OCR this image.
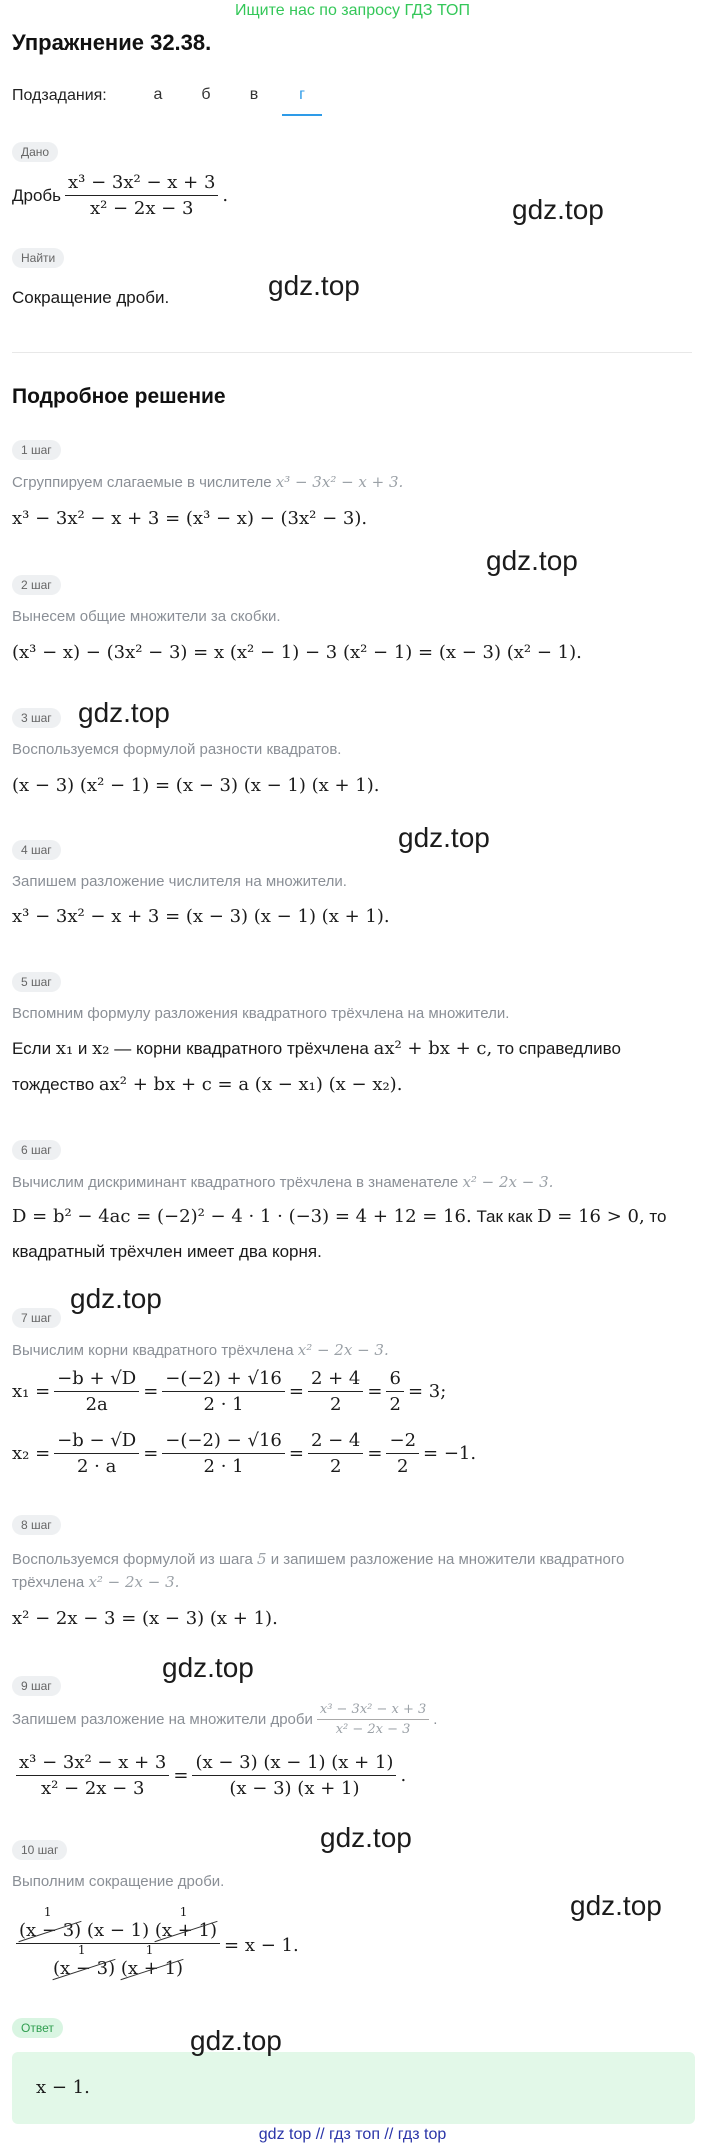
Ищите нас по запросу ГДЗ ТОП
Упражнение 32.38.
Подзадания:	а	б	в	г
Дано
Дробь $\frac{\text{x³ − 3x² − x + 3}}{\text{x² − 2x − 3}}$ .
Найти
Сокращение дроби.
Подробное решение
1 шаг
Сгруппируем слагаемые в числителе x³ − 3x² − x + 3.
x³ − 3x² − x + 3 = (x³ − x) − (3x² − 3).
2 шаг
Вынесем общие множители за скобки.
(x³ − x) − (3x² − 3) = x (x² − 1) − 3 (x² − 1) = (x − 3) (x² − 1).
3 шаг
Воспользуемся формулой разности квадратов.
(x − 3) (x² − 1) = (x − 3) (x − 1) (x + 1).
4 шаг
Запишем разложение числителя на множители.
x³ − 3x² − x + 3 = (x − 3) (x − 1) (x + 1).
5 шаг
Вспомним формулу разложения квадратного трёхчлена на множители.
Если x₁ и x₂ — корни квадратного трёхчлена ax² + bx + c, то справедливо
тождество ax² + bx + c = a (x − x₁) (x − x₂).
6 шаг
Вычислим дискриминант квадратного трёхчлена в знаменателе x² − 2x − 3.
D = b² − 4ac = (−2)² − 4 · 1 · (−3) = 4 + 12 = 16. Так как D = 16 > 0, то
квадратный трёхчлен имеет два корня.
7 шаг
Вычислим корни квадратного трёхчлена x² − 2x − 3.
$x_1 = \frac{-b + √D}{2a} = \frac{-(-2) + √16}{2 \cdot 1} = \frac{2 + 4}{2} = \frac{6}{2} = 3$;
$x_2 = \frac{-b - √D}{2 \cdot a} = \frac{-(-2) - √16}{2 \cdot 1} = \frac{2 - 4}{2} = \frac{-2}{2} = -1$.
8 шаг
Воспользуемся формулой из шага 5 и запишем разложение на множители квадратного
трёхчлена x² − 2x − 3.
x² − 2x − 3 = (x − 3) (x + 1).
9 шаг
Запишем разложение на множители дроби $\frac{\text{x³ − 3x² − x + 3}}{\text{x² − 2x − 3}}$ .
$\frac{\text{x³ − 3x² − x + 3}}{\text{x² − 2x − 3}} = \frac{(x - 3) (x - 1) (x + 1)}{(x - 3) (x + 1)}$ .
10 шаг
Выполним сокращение дроби.
1
(x − 3) (x − 1)
1
(x + 1)
1
(x − 3)
1
(x + 1) = x − 1.
Ответ
x − 1.
gdz.top
gdz.top
gdz.top
gdz.top
gdz.top
gdz.top
gdz.top
gdz.top
gdz.top
gdz.top
gdz top // гдз топ // гдз top
